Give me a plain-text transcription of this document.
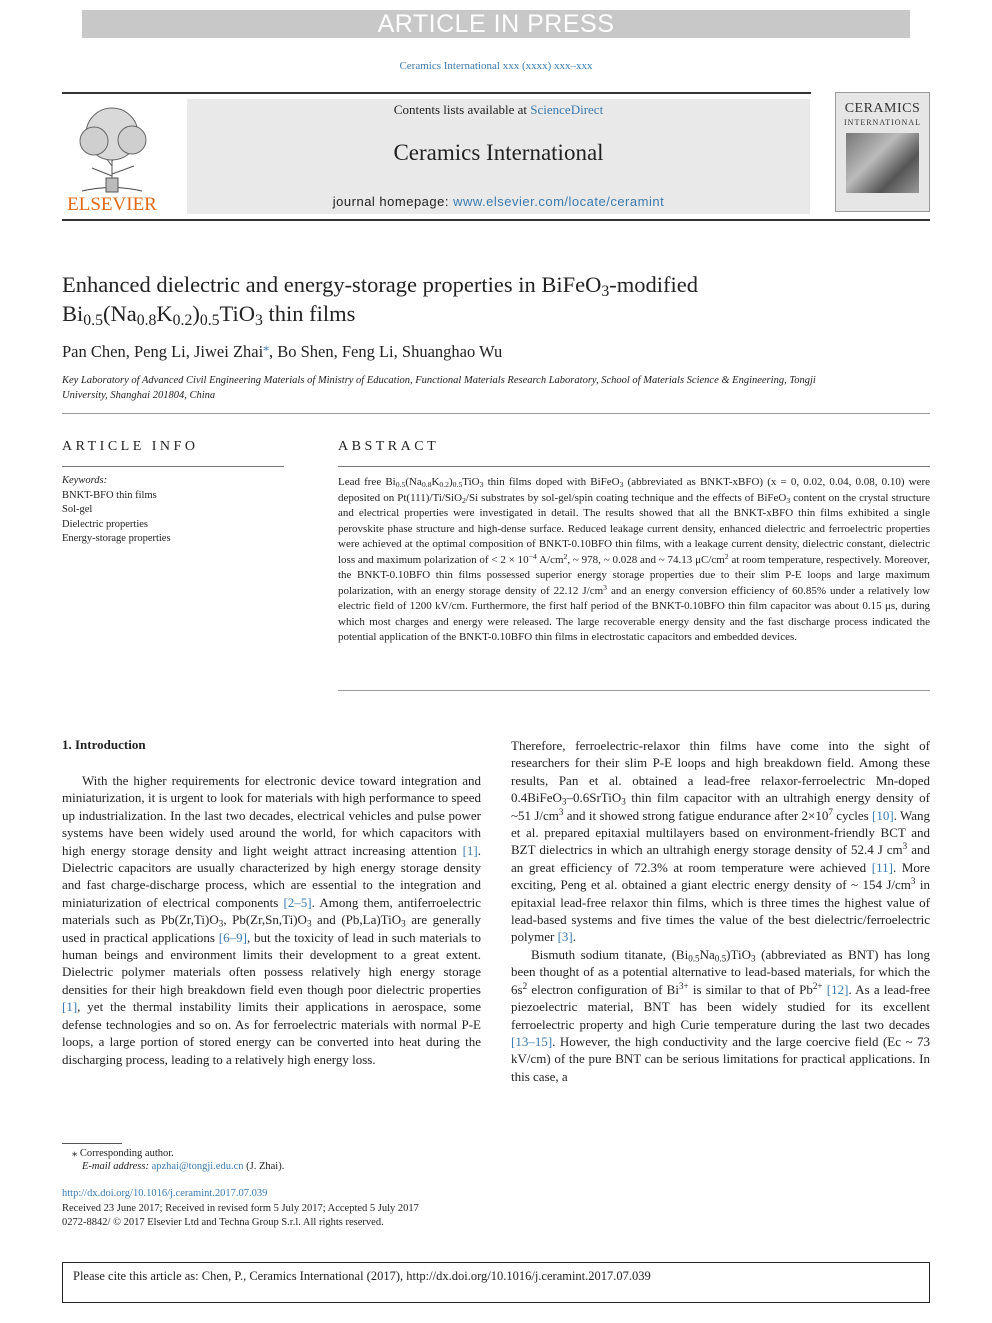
ARTICLE IN PRESS
Ceramics International xxx (xxxx) xxx–xxx
ELSEVIER
Contents lists available at ScienceDirect
Ceramics International
journal homepage: www.elsevier.com/locate/ceramint
CERAMICS
INTERNATIONAL
Enhanced dielectric and energy-storage properties in BiFeO$_3$-modified
$Bi_{0.5}(Na_{0.8}K_{0.2})_{0.5}TiO_3$ thin films
Pan Chen, Peng Li, Jiwei Zhai⁎, Bo Shen, Feng Li, Shuanghao Wu
Key Laboratory of Advanced Civil Engineering Materials of Ministry of Education, Functional Materials Research Laboratory, School of Materials Science & Engineering, Tongji University, Shanghai 201804, China
ARTICLE INFO
Keywords:
BNKT-BFO thin films
Sol-gel
Dielectric properties
Energy-storage properties
ABSTRACT
Lead free $Bi_{0.5}(Na_{0.8}K_{0.2})_{0.5}TiO_3$ thin films doped with BiFeO$_3$ (abbreviated as BNKT-xBFO) (x = 0, 0.02, 0.04, 0.08, 0.10) were deposited on Pt(111)/Ti/SiO$_2$/Si substrates by sol-gel/spin coating technique and the effects of BiFeO$_3$ content on the crystal structure and electrical properties were investigated in detail. The results showed that all the BNKT-xBFO thin films exhibited a single perovskite phase structure and high-dense surface. Reduced leakage current density, enhanced dielectric and ferroelectric properties were achieved at the optimal composition of BNKT-0.10BFO thin films, with a leakage current density, dielectric constant, dielectric loss and maximum polarization of < $2 \times 10^{-4}$ $A/cm^2$, ~ 978, ~ 0.028 and ~ 74.13 $\mu C/cm^2$ at room temperature, respectively. Moreover, the BNKT-0.10BFO thin films possessed superior energy storage properties due to their slim P-E loops and large maximum polarization, with an energy storage density of 22.12 $J/cm^3$ and an energy conversion efficiency of 60.85% under a relatively low electric field of 1200 kV/cm. Furthermore, the first half period of the BNKT-0.10BFO thin film capacitor was about 0.15 μs, during which most charges and energy were released. The large recoverable energy density and the fast discharge process indicated the potential application of the BNKT-0.10BFO thin films in electrostatic capacitors and embedded devices.
1. Introduction

With the higher requirements for electronic device toward integration and miniaturization, it is urgent to look for materials with high performance to speed up industrialization. In the last two decades, electrical vehicles and pulse power systems have been widely used around the world, for which capacitors with high energy storage density and light weight attract increasing attention [1]. Dielectric capacitors are usually characterized by high energy storage density and fast charge-discharge process, which are essential to the integration and miniaturization of electrical components [2–5]. Among them, antiferroelectric materials such as $Pb(Zr,Ti)O_3$, $Pb(Zr,Sn,Ti)O_3$ and (Pb,La)TiO$_3$ are generally used in practical applications [6–9], but the toxicity of lead in such materials to human beings and environment limits their development to a great extent. Dielectric polymer materials often possess relatively high energy storage densities for their high breakdown field even though poor dielectric properties [1], yet the thermal instability limits their applications in aerospace, some defense technologies and so on. As for ferroelectric materials with normal P-E loops, a large portion of stored energy can be converted into heat during the discharging process, leading to a relatively high energy loss.

Therefore, ferroelectric-relaxor thin films have come into the sight of researchers for their slim P-E loops and high breakdown field. Among these results, Pan et al. obtained a lead-free relaxor-ferroelectric Mn-doped 0.4BiFeO$_3$–0.6SrTiO$_3$ thin film capacitor with an ultrahigh energy density of ~51 $J/cm^3$ and it showed strong fatigue endurance after $2\times 10^7$ cycles [10]. Wang et al. prepared epitaxial multilayers based on environment-friendly BCT and BZT dielectrics in which an ultrahigh energy storage density of 52.4 J $cm^3$ and an great efficiency of 72.3% at room temperature were achieved [11]. More exciting, Peng et al. obtained a giant electric energy density of ~ 154 $J/cm^3$ in epitaxial lead-free relaxor thin films, which is three times the highest value of lead-based systems and five times the value of the best dielectric/ferroelectric polymer [3].

Bismuth sodium titanate, $(Bi_{0.5}Na_{0.5})TiO_3$ (abbreviated as BNT) has long been thought of as a potential alternative to lead-based materials, for which the $6s^2$ electron configuration of $Bi^{3+}$ is similar to that of $Pb^{2+}$ [12]. As a lead-free piezoelectric material, BNT has been widely studied for its excellent ferroelectric property and high Curie temperature during the last two decades [13–15]. However, the high conductivity and the large coercive field (Ec ~ 73 kV/cm) of the pure BNT can be serious limitations for practical applications. In this case, a

⁎ Corresponding author.
E-mail address: apzhai@tongji.edu.cn (J. Zhai).
http://dx.doi.org/10.1016/j.ceramint.2017.07.039
Received 23 June 2017; Received in revised form 5 July 2017; Accepted 5 July 2017
0272-8842/ © 2017 Elsevier Ltd and Techna Group S.r.l. All rights reserved.
Please cite this article as: Chen, P., Ceramics International (2017), http://dx.doi.org/10.1016/j.ceramint.2017.07.039
